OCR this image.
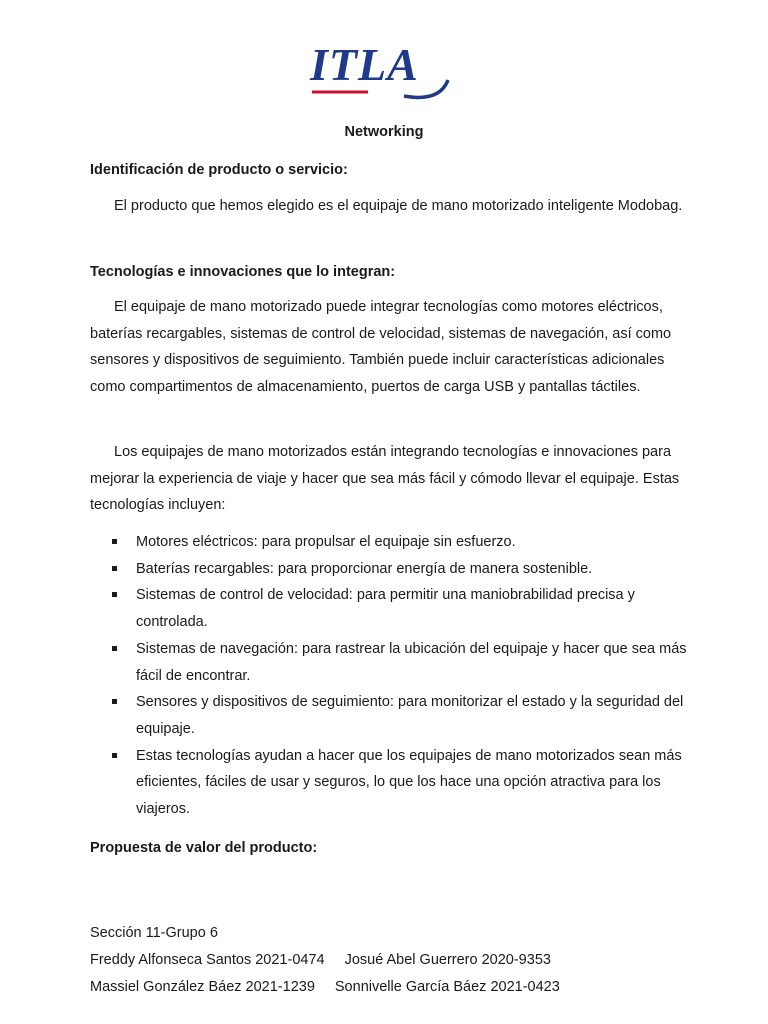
ITLA
Networking
Identificación de producto o servicio:
El producto que hemos elegido es el equipaje de mano motorizado inteligente Modobag.
Tecnologías e innovaciones que lo integran:
El equipaje de mano motorizado puede integrar tecnologías como motores eléctricos, baterías recargables, sistemas de control de velocidad, sistemas de navegación, así como sensores y dispositivos de seguimiento. También puede incluir características adicionales como compartimentos de almacenamiento, puertos de carga USB y pantallas táctiles.
Los equipajes de mano motorizados están integrando tecnologías e innovaciones para mejorar la experiencia de viaje y hacer que sea más fácil y cómodo llevar el equipaje. Estas tecnologías incluyen:
Motores eléctricos: para propulsar el equipaje sin esfuerzo.
Baterías recargables: para proporcionar energía de manera sostenible.
Sistemas de control de velocidad: para permitir una maniobrabilidad precisa y controlada.
Sistemas de navegación: para rastrear la ubicación del equipaje y hacer que sea más fácil de encontrar.
Sensores y dispositivos de seguimiento: para monitorizar el estado y la seguridad del equipaje.
Estas tecnologías ayudan a hacer que los equipajes de mano motorizados sean más eficientes, fáciles de usar y seguros, lo que los hace una opción atractiva para los viajeros.
Propuesta de valor del producto:
Sección 11-Grupo 6
Freddy Alfonseca Santos 2021-0474 Josué Abel Guerrero 2020-9353
Massiel González Báez 2021-1239 Sonnivelle García Báez 2021-0423
